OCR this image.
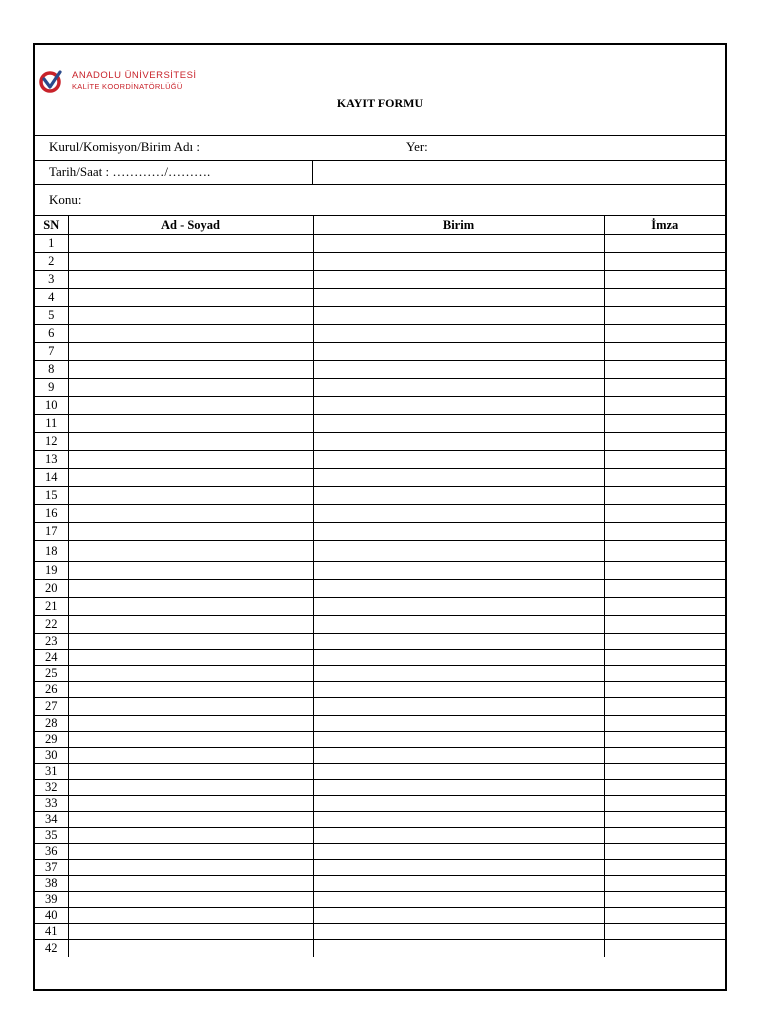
ANADOLU ÜNİVERSİTESİ
KALİTE KOORDİNATÖRLÜĞÜ
KAYIT FORMU
Kurul/Komisyon/Birim Adı :	Yer:
Tarih/Saat : …………/……….
Konu:
SN	Ad - Soyad	Birim	İmza
1			
2			
3			
4			
5			
6			
7			
8			
9			
10			
11			
12			
13			
14			
15			
16			
17			
18			
19			
20			
21			
22			
23			
24			
25			
26			
27			
28			
29			
30			
31			
32			
33			
34			
35			
36			
37			
38			
39			
40			
41			
42			
